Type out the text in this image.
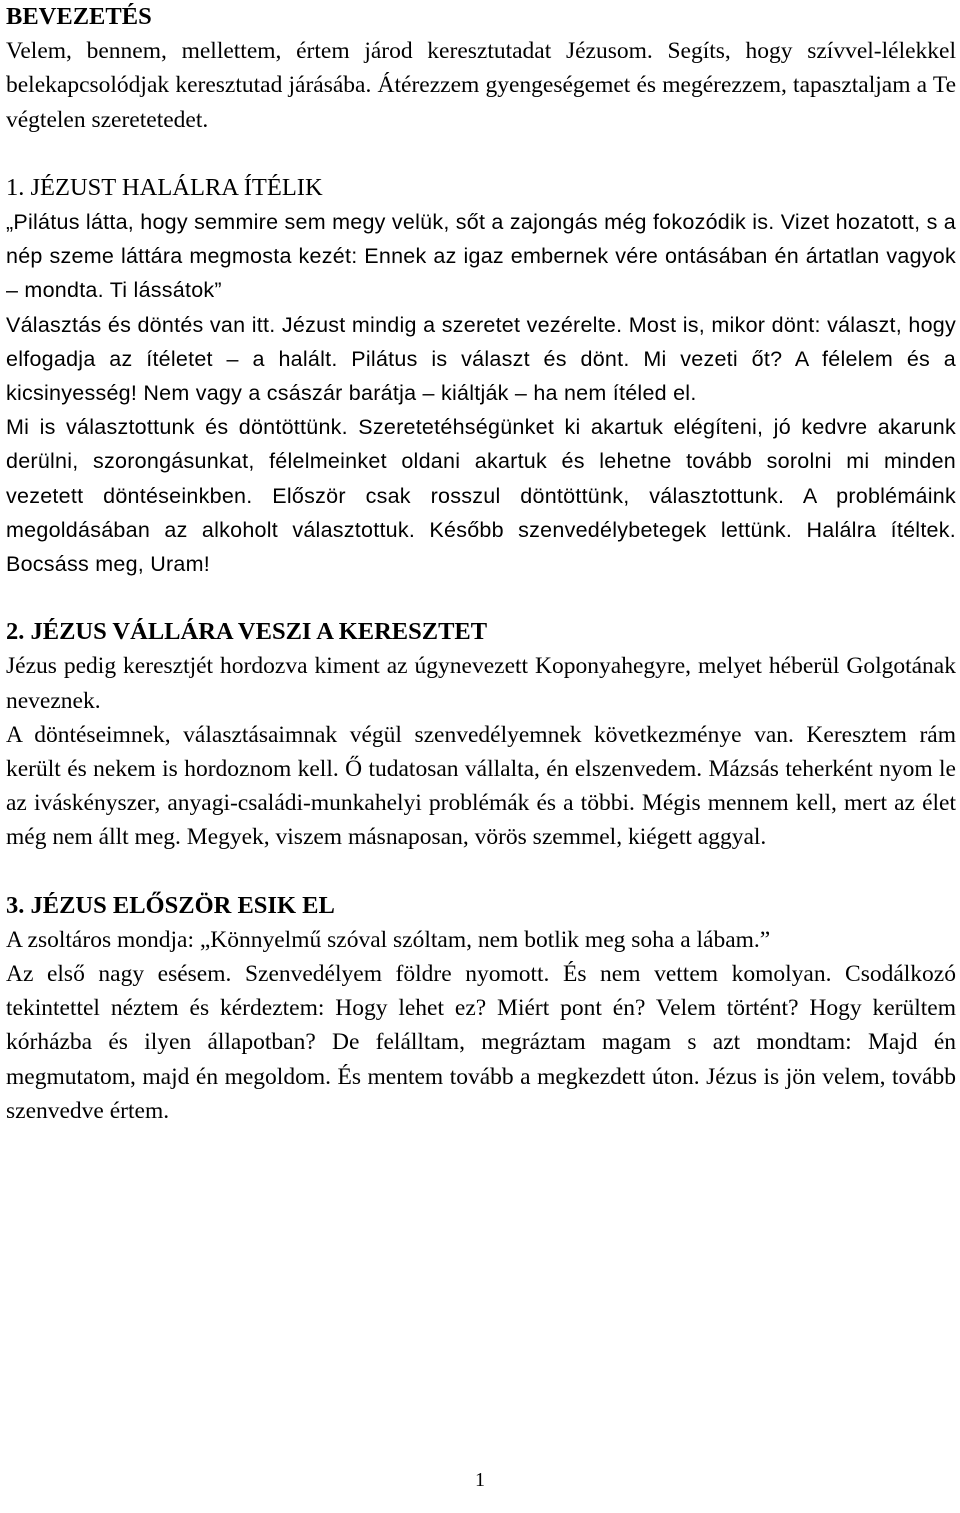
BEVEZETÉS

Velem, bennem, mellettem, értem járod keresztutadat Jézusom. Segíts, hogy szívvel-lélekkel belekapcsolódjak keresztutad járásába. Átérezzem gyengeségemet és megérezzem, tapasztaljam a Te végtelen szeretetedet.

1. JÉZUST HALÁLRA ÍTÉLIK

„Pilátus látta, hogy semmire sem megy velük, sőt a zajongás még fokozódik is. Vizet hozatott, s a nép szeme láttára megmosta kezét: Ennek az igaz embernek vére ontásában én ártatlan vagyok – mondta. Ti lássátok”

Választás és döntés van itt. Jézust mindig a szeretet vezérelte. Most is, mikor dönt: választ, hogy elfogadja az ítéletet – a halált. Pilátus is választ és dönt. Mi vezeti őt? A félelem és a kicsinyesség! Nem vagy a császár barátja – kiáltják – ha nem ítéled el.

Mi is választottunk és döntöttünk. Szeretetéhségünket ki akartuk elégíteni, jó kedvre akarunk derülni, szorongásunkat, félelmeinket oldani akartuk és lehetne tovább sorolni mi minden vezetett döntéseinkben. Először csak rosszul döntöttünk, választottunk. A problémáink megoldásában az alkoholt választottuk. Később szenvedélybetegek lettünk. Halálra ítéltek. Bocsáss meg, Uram!

2. JÉZUS VÁLLÁRA VESZI A KERESZTET

Jézus pedig keresztjét hordozva kiment az úgynevezett Koponyahegyre, melyet héberül Golgotának neveznek.

A döntéseimnek, választásaimnak végül szenvedélyemnek következménye van. Keresztem rám került és nekem is hordoznom kell. Ő tudatosan vállalta, én elszenvedem. Mázsás teherként nyom le az iváskényszer, anyagi-családi-munkahelyi problémák és a többi. Mégis mennem kell, mert az élet még nem állt meg. Megyek, viszem másnaposan, vörös szemmel, kiégett aggyal.

3. JÉZUS ELŐSZÖR ESIK EL

A zsoltáros mondja: „Könnyelmű szóval szóltam, nem botlik meg soha a lábam.”

Az első nagy esésem. Szenvedélyem földre nyomott. És nem vettem komolyan. Csodálkozó tekintettel néztem és kérdeztem: Hogy lehet ez? Miért pont én? Velem történt? Hogy kerültem kórházba és ilyen állapotban? De felálltam, megráztam magam s azt mondtam: Majd én megmutatom, majd én megoldom. És mentem tovább a megkezdett úton. Jézus is jön velem, tovább szenvedve értem.

1
